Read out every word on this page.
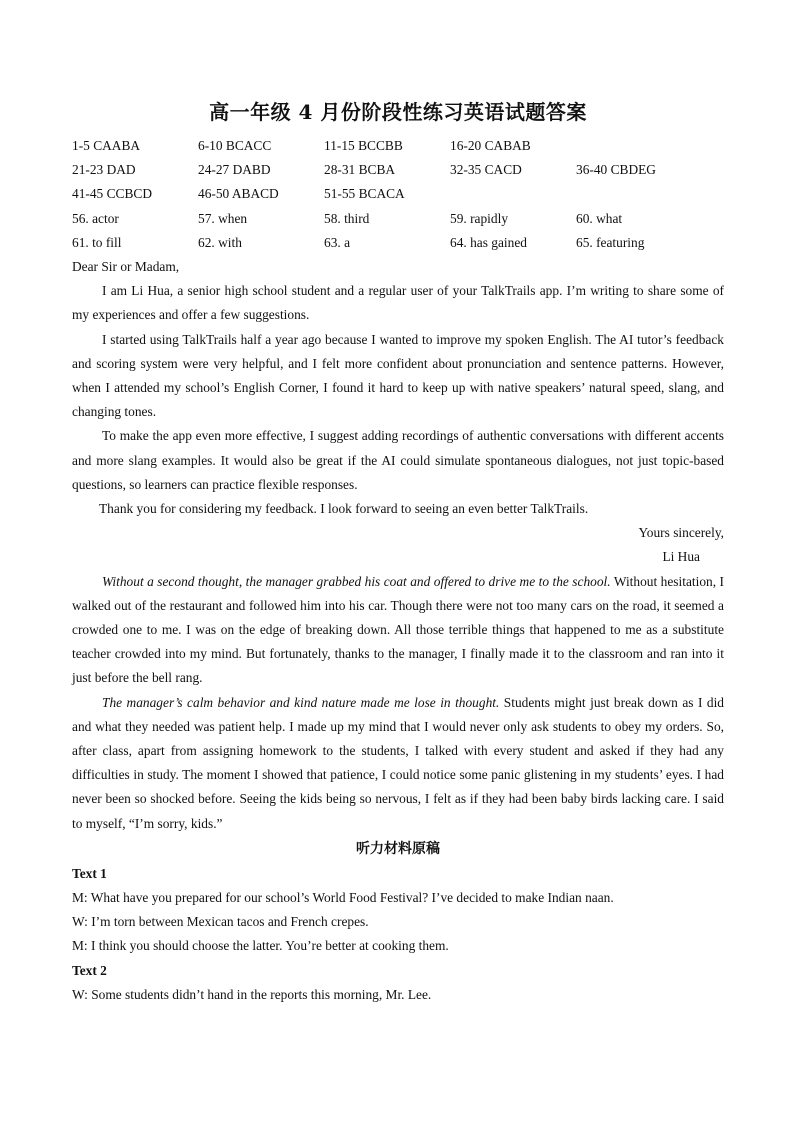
高一年级 4 月份阶段性练习英语试题答案
1-5 CAABA	6-10 BCACC	11-15 BCCBB	16-20 CABAB
21-23 DAD	24-27 DABD	28-31 BCBA	32-35 CACD	36-40 CBDEG
41-45 CCBCD	46-50 ABACD	51-55 BCACA
56. actor	57. when	58. third	59. rapidly	60. what
61. to fill	62. with	63. a	64. has gained	65. featuring

Dear Sir or Madam,

I am Li Hua, a senior high school student and a regular user of your TalkTrails app. I’m writing to share some of my experiences and offer a few suggestions.

I started using TalkTrails half a year ago because I wanted to improve my spoken English. The AI tutor’s feedback and scoring system were very helpful, and I felt more confident about pronunciation and sentence patterns. However, when I attended my school’s English Corner, I found it hard to keep up with native speakers’ natural speed, slang, and changing tones.

To make the app even more effective, I suggest adding recordings of authentic conversations with different accents and more slang examples. It would also be great if the AI could simulate spontaneous dialogues, not just topic-based questions, so learners can practice flexible responses.

Thank you for considering my feedback. I look forward to seeing an even better TalkTrails.

Yours sincerely,

Li Hua

Without a second thought, the manager grabbed his coat and offered to drive me to the school. Without hesitation, I walked out of the restaurant and followed him into his car. Though there were not too many cars on the road, it seemed a crowded one to me. I was on the edge of breaking down. All those terrible things that happened to me as a substitute teacher crowded into my mind. But fortunately, thanks to the manager, I finally made it to the classroom and ran into it just before the bell rang.

The manager’s calm behavior and kind nature made me lose in thought. Students might just break down as I did and what they needed was patient help. I made up my mind that I would never only ask students to obey my orders. So, after class, apart from assigning homework to the students, I talked with every student and asked if they had any difficulties in study. The moment I showed that patience, I could notice some panic glistening in my students’ eyes. I had never been so shocked before. Seeing the kids being so nervous, I felt as if they had been baby birds lacking care. I said to myself, “I’m sorry, kids.”

听力材料原稿

Text 1

M: What have you prepared for our school’s World Food Festival? I’ve decided to make Indian naan.

W: I’m torn between Mexican tacos and French crepes.

M: I think you should choose the latter. You’re better at cooking them.

Text 2

W: Some students didn’t hand in the reports this morning, Mr. Lee.
